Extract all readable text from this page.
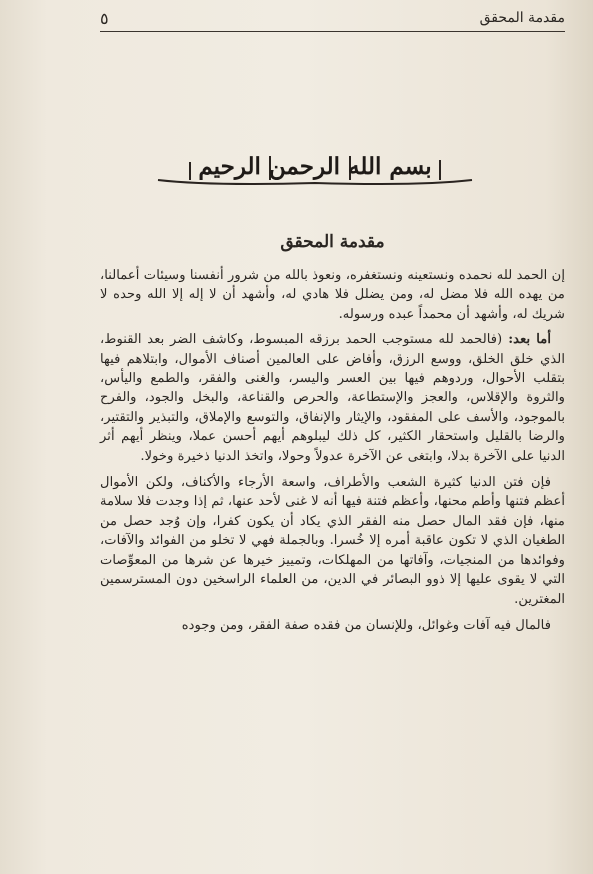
مقدمة المحقق
٥
بسم الله الرحمن الرحيم
مقدمة المحقق

إن الحمد لله نحمده ونستعينه ونستغفره، ونعوذ بالله من شرور أنفسنا وسيئات أعمالنا، من يهده الله فلا مضل له، ومن يضلل فلا هادي له، وأشهد أن لا إله إلا الله وحده لا شريك له، وأشهد أن محمداً عبده ورسوله.

أما بعد: (فالحمد لله مستوجب الحمد برزقه المبسوط، وكاشف الضر بعد القنوط، الذي خلق الخلق، ووسع الرزق، وأفاض على العالمين أصناف الأموال، وابتلاهم فيها بتقلب الأحوال، وردوهم فيها بين العسر واليسر، والغنى والفقر، والطمع واليأس، والثروة والإقلاس، والعجز والإستطاعة، والحرص والقناعة، والبخل والجود، والفرح بالموجود، والأسف على المفقود، والإيثار والإنفاق، والتوسع والإملاق، والتبذير والتقتير، والرضا بالقليل واستحقار الكثير، كل ذلك ليبلوهم أيهم أحسن عملا، وينظر أيهم أثر الدنيا على الآخرة بدلا، وابتغى عن الآخرة عدولاً وحولا، واتخذ الدنيا ذخيرة وخولا.

فإن فتن الدنيا كثيرة الشعب والأطراف، واسعة الأرجاء والأكناف، ولكن الأموال أعظم فتنها وأطم محنها، وأعظم فتنة فيها أنه لا غنى لأحد عنها، ثم إذا وجدت فلا سلامة منها، فإن فقد المال حصل منه الفقر الذي يكاد أن يكون كفرا، وإن وُجد حصل من الطغيان الذي لا تكون عاقبة أمره إلا خُسرا. وبالجملة فهي لا تخلو من الفوائد والآفات، وفوائدها من المنجيات، وآفاتها من المهلكات، وتمييز خيرها عن شرها من المعوِّصات التي لا يقوى عليها إلا ذوو البصائر في الدين، من العلماء الراسخين دون المسترسمين المغترين.

فالمال فيه آفات وغوائل، وللإنسان من فقده صفة الفقر، ومن وجوده
